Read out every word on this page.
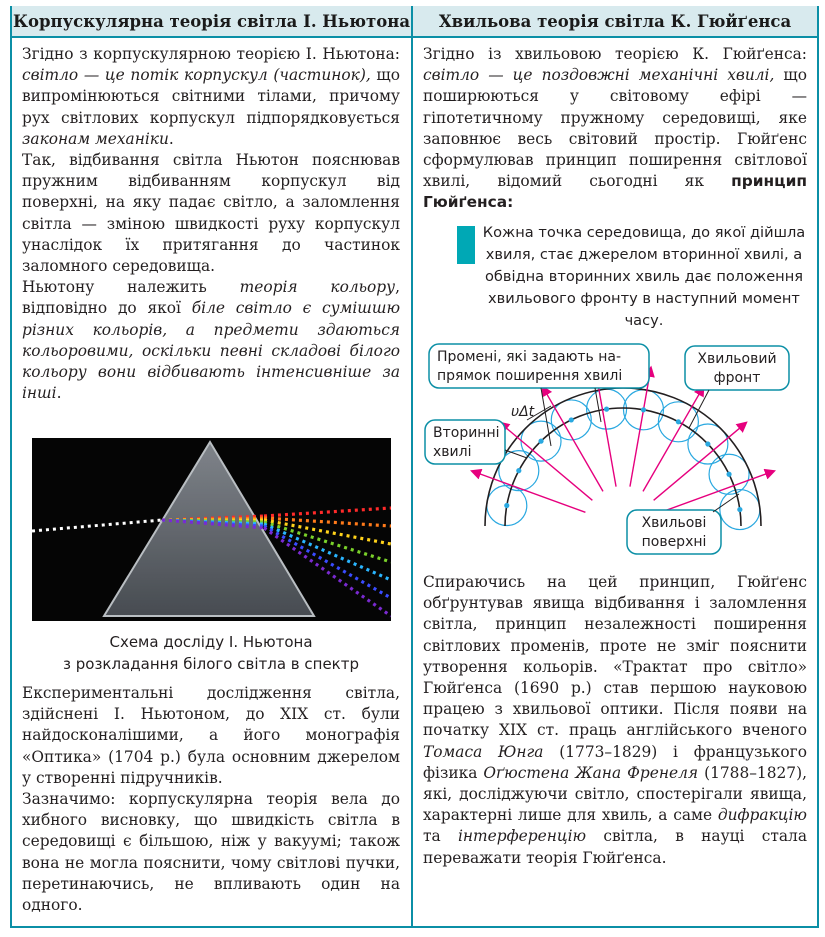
Корпускулярна теорія світла І. Ньютона	Хвильова теорія світла К. Гюйґенса

Згідно з корпускулярною теорією І. Ньютона: світло — це потік корпускул (частинок), що випромінюються світними тілами, причому рух світлових корпускул підпорядковується законам механіки.

Так, відбивання світла Ньютон пояснював пружним відбиванням корпускул від поверхні, на яку падає світло, а заломлення світла — зміною швидкості руху корпускул унаслідок їх притягання до частинок заломного середовища.

Ньютону належить теорія кольору, відповідно до якої біле світло є сумішшю різних кольорів, а предмети здаються кольоровими, оскільки певні складові білого кольору вони відбивають інтенсивніше за інші.

Схема досліду І. Ньютона
з розкладання білого світла в спектр

Експериментальні дослідження світла, здійснені І. Ньютоном, до XIX ст. були найдосконалішими, а його монографія «Оптика» (1704 р.) була основним джерелом у створенні підручників.

Зазначимо: корпускулярна теорія вела до хибного висновку, що швидкість світла в середовищі є більшою, ніж у вакуумі; також вона не могла пояснити, чому світлові пучки, перетинаючись, не впливають один на одного.

Згідно із хвильовою теорією К. Гюйґенса: світло — це поздовжні механічні хвилі, що поширюються у світовому ефірі — гіпотетичному пружному середовищі, яке заповнює весь світовий простір. Гюйґенс сформулював принцип поширення світлової хвилі, відомий сьогодні як принцип Гюйґенса:

Кожна точка середовища, до якої дійшла хвиля, стає джерелом вторинної хвилі, а обвідна вторинних хвиль дає положення хвильового фронту в наступний момент часу.
υΔt
Промені, які задають на-
прямок поширення хвилі
Хвильовий
фронт
Вторинні
хвилі
Хвильові
поверхні

Спираючись на цей принцип, Гюйґенс обґрунтував явища відбивання і заломлення світла, принцип незалежності поширення світлових променів, проте не зміг пояснити утворення кольорів. «Трактат про світло» Гюйґенса (1690 р.) став першою науковою працею з хвильової оптики. Після появи на початку XIX ст. праць англійського вченого Томаса Юнга (1773–1829) і французького фізика Оґюстена Жана Френеля (1788–1827), які, досліджуючи світло, спостерігали явища, характерні лише для хвиль, а саме дифракцію та інтерференцію світла, в науці стала переважати теорія Гюйґенса.
